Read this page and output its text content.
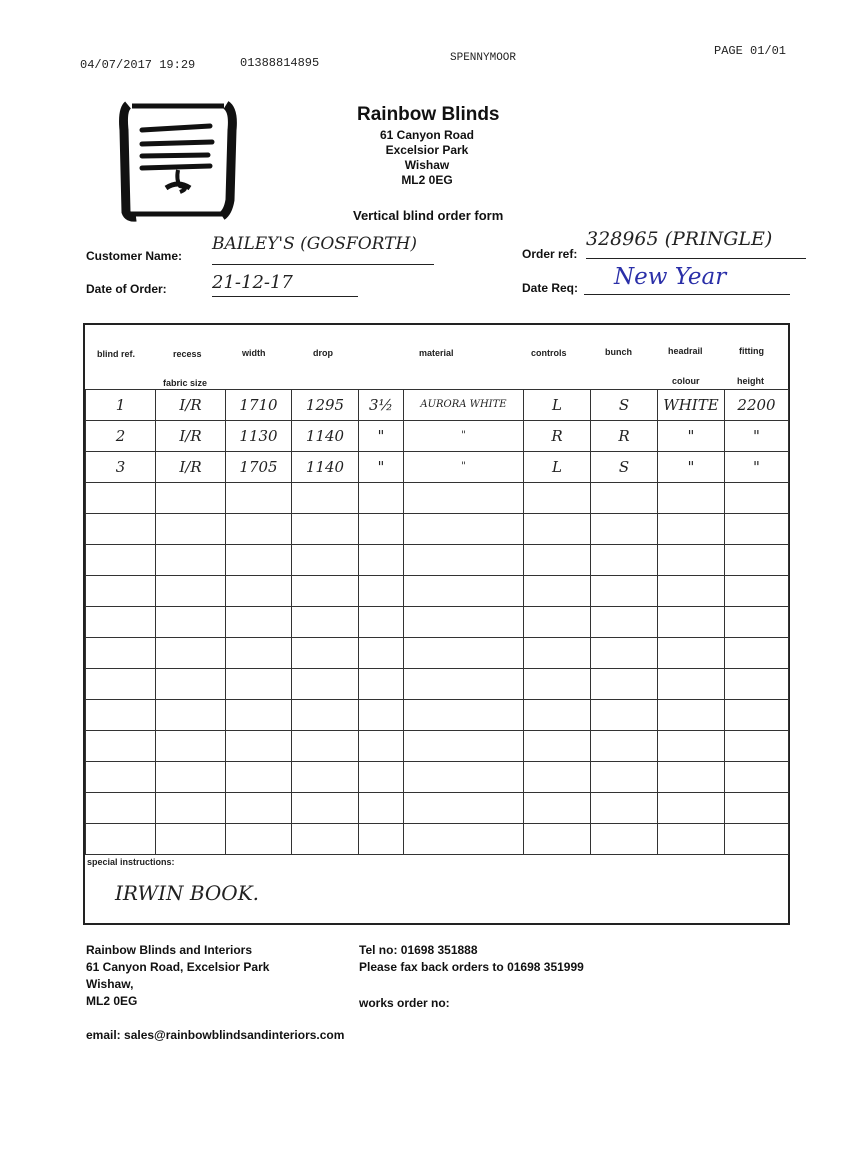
04/07/2017 19:29	01388814895	SPENNYMOOR	PAGE 01/01
Rainbow Blinds
61 Canyon Road
Excelsior Park
Wishaw
ML2 0EG
Vertical blind order form
Customer Name:
BAILEY'S (GOSFORTH)
Date of Order:	21-12-17
Order ref:
328965 (PRINGLE)
Date Req:	New Year
blind ref.	recess
fabric size
width	drop	material	controls	bunch	headrail
colour
fitting
height
1	I/R	1710	1295	3½	AURORA WHITE	L	S	WHITE	2200
2	I/R	1130	1140	"	"	R	R	"	"
3	I/R	1705	1140	"	"	L	S	"	"

special instructions:
IRWIN BOOK.
Rainbow Blinds and Interiors
61 Canyon Road, Excelsior Park
Wishaw,
ML2 0EG
Tel no: 01698 351888
Please fax back orders to 01698 351999
works order no:
email: sales@rainbowblindsandinteriors.com
